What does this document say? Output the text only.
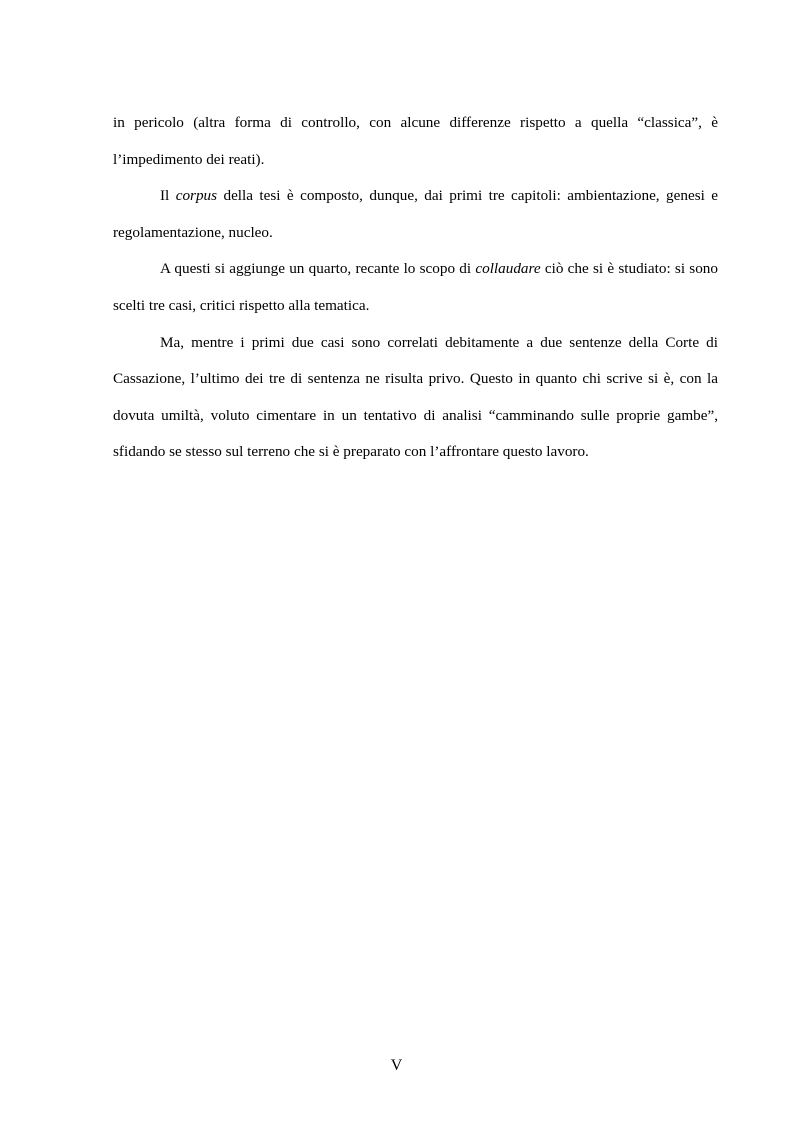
in pericolo (altra forma di controllo, con alcune differenze rispetto a quella “classica”, è l’impedimento dei reati).

Il corpus della tesi è composto, dunque, dai primi tre capitoli: ambientazione, genesi e regolamentazione, nucleo.

A questi si aggiunge un quarto, recante lo scopo di collaudare ciò che si è studiato: si sono scelti tre casi, critici rispetto alla tematica.

Ma, mentre i primi due casi sono correlati debitamente a due sentenze della Corte di Cassazione, l’ultimo dei tre di sentenza ne risulta privo. Questo in quanto chi scrive si è, con la dovuta umiltà, voluto cimentare in un tentativo di analisi “camminando sulle proprie gambe”, sfidando se stesso sul terreno che si è preparato con l’affrontare questo lavoro.

V
